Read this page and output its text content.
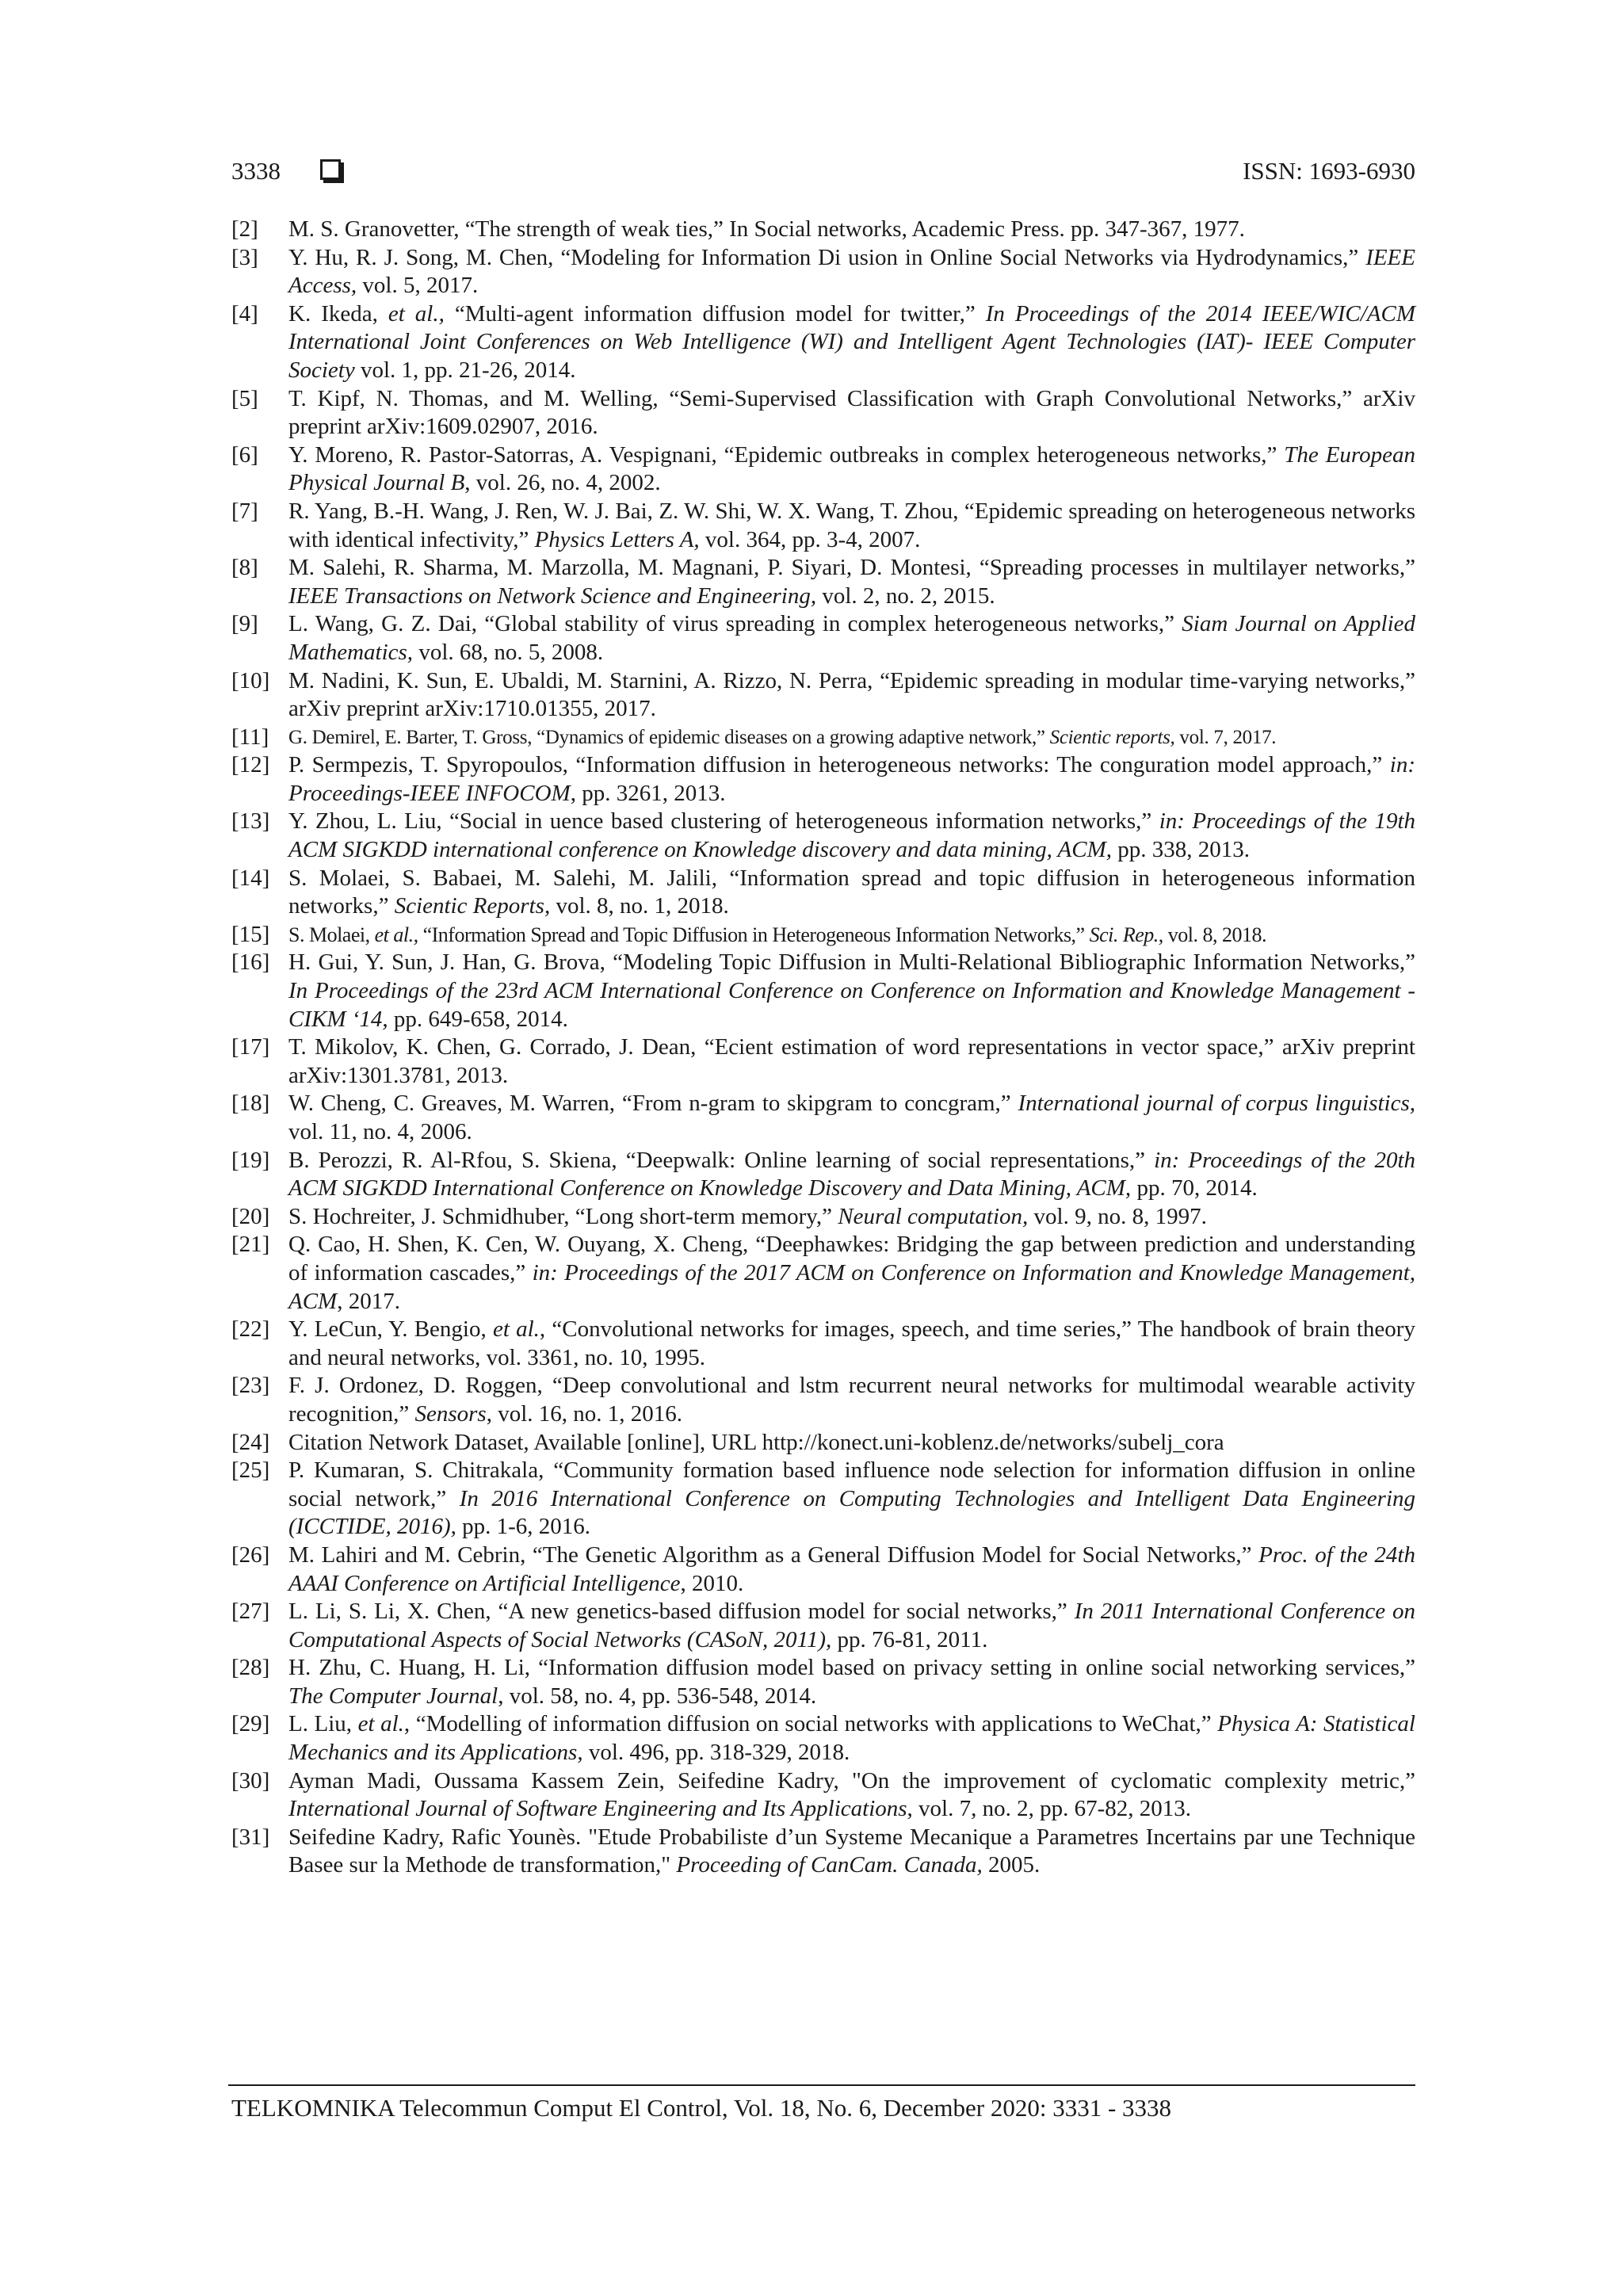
3338	ISSN: 1693-6930
[2]	M. S. Granovetter, “The strength of weak ties,” In Social networks, Academic Press. pp. 347-367, 1977.
[3]	Y. Hu, R. J. Song, M. Chen, “Modeling for Information Di usion in Online Social Networks via Hydrodynamics,” IEEE Access, vol. 5, 2017.
[4]	K. Ikeda, et al., “Multi-agent information diffusion model for twitter,” In Proceedings of the 2014 IEEE/WIC/ACM International Joint Conferences on Web Intelligence (WI) and Intelligent Agent Technologies (IAT)- IEEE Computer Society vol. 1, pp. 21-26, 2014.
[5]	T. Kipf, N. Thomas, and M. Welling, “Semi-Supervised Classification with Graph Convolutional Networks,” arXiv preprint arXiv:1609.02907, 2016.
[6]	Y. Moreno, R. Pastor-Satorras, A. Vespignani, “Epidemic outbreaks in complex heterogeneous networks,” The European Physical Journal B, vol. 26, no. 4, 2002.
[7]	R. Yang, B.-H. Wang, J. Ren, W. J. Bai, Z. W. Shi, W. X. Wang, T. Zhou, “Epidemic spreading on heterogeneous networks with identical infectivity,” Physics Letters A, vol. 364, pp. 3-4, 2007.
[8]	M. Salehi, R. Sharma, M. Marzolla, M. Magnani, P. Siyari, D. Montesi, “Spreading processes in multilayer networks,” IEEE Transactions on Network Science and Engineering, vol. 2, no. 2, 2015.
[9]	L. Wang, G. Z. Dai, “Global stability of virus spreading in complex heterogeneous networks,” Siam Journal on Applied Mathematics, vol. 68, no. 5, 2008.
[10] M. Nadini, K. Sun, E. Ubaldi, M. Starnini, A. Rizzo, N. Perra, “Epidemic spreading in modular time-varying networks,” arXiv preprint arXiv:1710.01355, 2017.
[11] G. Demirel, E. Barter, T. Gross, “Dynamics of epidemic diseases on a growing adaptive network,” Scientic reports, vol. 7, 2017.
[12] P. Sermpezis, T. Spyropoulos, “Information diffusion in heterogeneous networks: The conguration model approach,” in: Proceedings-IEEE INFOCOM, pp. 3261, 2013.
[13] Y. Zhou, L. Liu, “Social in uence based clustering of heterogeneous information networks,” in: Proceedings of the 19th ACM SIGKDD international conference on Knowledge discovery and data mining, ACM, pp. 338, 2013.
[14] S. Molaei, S. Babaei, M. Salehi, M. Jalili, “Information spread and topic diffusion in heterogeneous information networks,” Scientic Reports, vol. 8, no. 1, 2018.
[15] S. Molaei, et al., “Information Spread and Topic Diffusion in Heterogeneous Information Networks,” Sci. Rep., vol. 8, 2018.
[16] H. Gui, Y. Sun, J. Han, G. Brova, “Modeling Topic Diffusion in Multi-Relational Bibliographic Information Networks,” In Proceedings of the 23rd ACM International Conference on Conference on Information and Knowledge Management - CIKM ‘14, pp. 649-658, 2014.
[17] T. Mikolov, K. Chen, G. Corrado, J. Dean, “Ecient estimation of word representations in vector space,” arXiv preprint arXiv:1301.3781, 2013.
[18] W. Cheng, C. Greaves, M. Warren, “From n-gram to skipgram to concgram,” International journal of corpus linguistics, vol. 11, no. 4, 2006.
[19] B. Perozzi, R. Al-Rfou, S. Skiena, “Deepwalk: Online learning of social representations,” in: Proceedings of the 20th ACM SIGKDD International Conference on Knowledge Discovery and Data Mining, ACM, pp. 70, 2014.
[20] S. Hochreiter, J. Schmidhuber, “Long short-term memory,” Neural computation, vol. 9, no. 8, 1997.
[21] Q. Cao, H. Shen, K. Cen, W. Ouyang, X. Cheng, “Deephawkes: Bridging the gap between prediction and understanding of information cascades,” in: Proceedings of the 2017 ACM on Conference on Information and Knowledge Management, ACM, 2017.
[22] Y. LeCun, Y. Bengio, et al., “Convolutional networks for images, speech, and time series,” The handbook of brain theory and neural networks, vol. 3361, no. 10, 1995.
[23] F. J. Ordonez, D. Roggen, “Deep convolutional and lstm recurrent neural networks for multimodal wearable activity recognition,” Sensors, vol. 16, no. 1, 2016.
[24] Citation Network Dataset, Available [online], URL http://konect.uni-koblenz.de/networks/subelj_cora
[25] P. Kumaran, S. Chitrakala, “Community formation based influence node selection for information diffusion in online social network,” In 2016 International Conference on Computing Technologies and Intelligent Data Engineering (ICCTIDE, 2016), pp. 1-6, 2016.
[26] M. Lahiri and M. Cebrin, “The Genetic Algorithm as a General Diffusion Model for Social Networks,” Proc. of the 24th AAAI Conference on Artificial Intelligence, 2010.
[27] L. Li, S. Li, X. Chen, “A new genetics-based diffusion model for social networks,” In 2011 International Conference on Computational Aspects of Social Networks (CASoN, 2011), pp. 76-81, 2011.
[28] H. Zhu, C. Huang, H. Li, “Information diffusion model based on privacy setting in online social networking services,” The Computer Journal, vol. 58, no. 4, pp. 536-548, 2014.
[29] L. Liu, et al., “Modelling of information diffusion on social networks with applications to WeChat,” Physica A: Statistical Mechanics and its Applications, vol. 496, pp. 318-329, 2018.
[30] Ayman Madi, Oussama Kassem Zein, Seifedine Kadry, "On the improvement of cyclomatic complexity metric,” International Journal of Software Engineering and Its Applications, vol. 7, no. 2, pp. 67-82, 2013.
[31] Seifedine Kadry, Rafic Younès. "Etude Probabiliste d’un Systeme Mecanique a Parametres Incertains par une Technique Basee sur la Methode de transformation," Proceeding of CanCam. Canada, 2005.
TELKOMNIKA Telecommun Comput El Control, Vol. 18, No. 6, December 2020: 3331 - 3338
